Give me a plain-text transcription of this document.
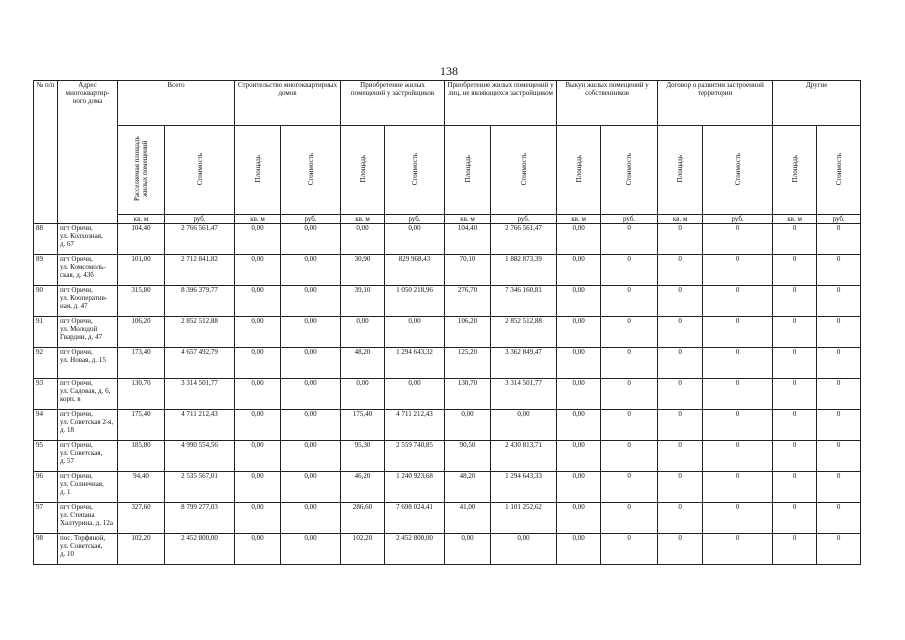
138
№ п/п	Адрес многоквартир-ного дома	Всего		Строительство многоквартирных домов		Приобретение жилых помещений у застройщиков		Приобретение жилых помещений у лиц, не являющихся застройщиком		Выкуп жилых помещений у собственников		Договор о развитии застроенной территории		Другие	
		Расселяемая площадь жилых помещений	Стоимость	Площадь	Стоимость	Площадь	Стоимость	Площадь	Стоимость	Площадь	Стоимость	Площадь	Стоимость	Площадь	Стоимость
		кв. м	руб.	кв. м	руб.	кв. м	руб.	кв. м	руб.	кв. м	руб.	кв. м	руб.	кв. м	руб.
88	пгт Оричи,
ул. Колхозная,
д. 67	104,40	2 766 561,47	0,00	0,00	0,00	0,00	104,40	2 766 561,47	0,00	0	0	0	0	0
89	пгт Оричи,
ул. Комсомоль-
ская, д. 43б	101,00	2 712 841,82	0,00	0,00	30,90	829 968,43	70,10	1 882 873,39	0,00	0	0	0	0	0
90	пгт Оричи,
ул. Кооператив-
ная, д. 47	315,80	8 396 379,77	0,00	0,00	39,10	1 050 218,96	276,70	7 346 160,81	0,00	0	0	0	0	0
91	пгт Оричи,
ул. Молодой
Гвардии, д. 47	106,20	2 852 512,88	0,00	0,00	0,00	0,00	106,20	2 852 512,88	0,00	0	0	0	0	0
92	пгт Оричи,
ул. Новая, д. 15	173,40	4 657 492,79	0,00	0,00	48,20	1 294 643,32	125,20	3 362 849,47	0,00	0	0	0	0	0
93	пгт Оричи,
ул. Садовая, д. 6,
корп. в	130,70	3 314 501,77	0,00	0,00	0,00	0,00	130,70	3 314 501,77	0,00	0	0	0	0	0
94	пгт Оричи,
ул. Советская 2-я,
д. 18	175,40	4 711 212,43	0,00	0,00	175,40	4 711 212,43	0,00	0,00	0,00	0	0	0	0	0
95	пгт Оричи,
ул. Советская,
д. 57	185,80	4 990 554,56	0,00	0,00	95,30	2 559 740,85	90,50	2 430 813,71	0,00	0	0	0	0	0
96	пгт Оричи,
ул. Солнечная,
д. 1	94,40	2 535 567,01	0,00	0,00	46,20	1 240 923,68	48,20	1 294 643,33	0,00	0	0	0	0	0
97	пгт Оричи,
ул. Степана
Халтурина, д. 12а	327,60	8 799 277,03	0,00	0,00	286,60	7 698 024,41	41,00	1 101 252,62	0,00	0	0	0	0	0
98	пос. Торфяной,
ул. Советская,
д. 10	102,20	2 452 800,00	0,00	0,00	102,20	2 452 800,00	0,00	0,00	0,00	0	0	0	0	0
